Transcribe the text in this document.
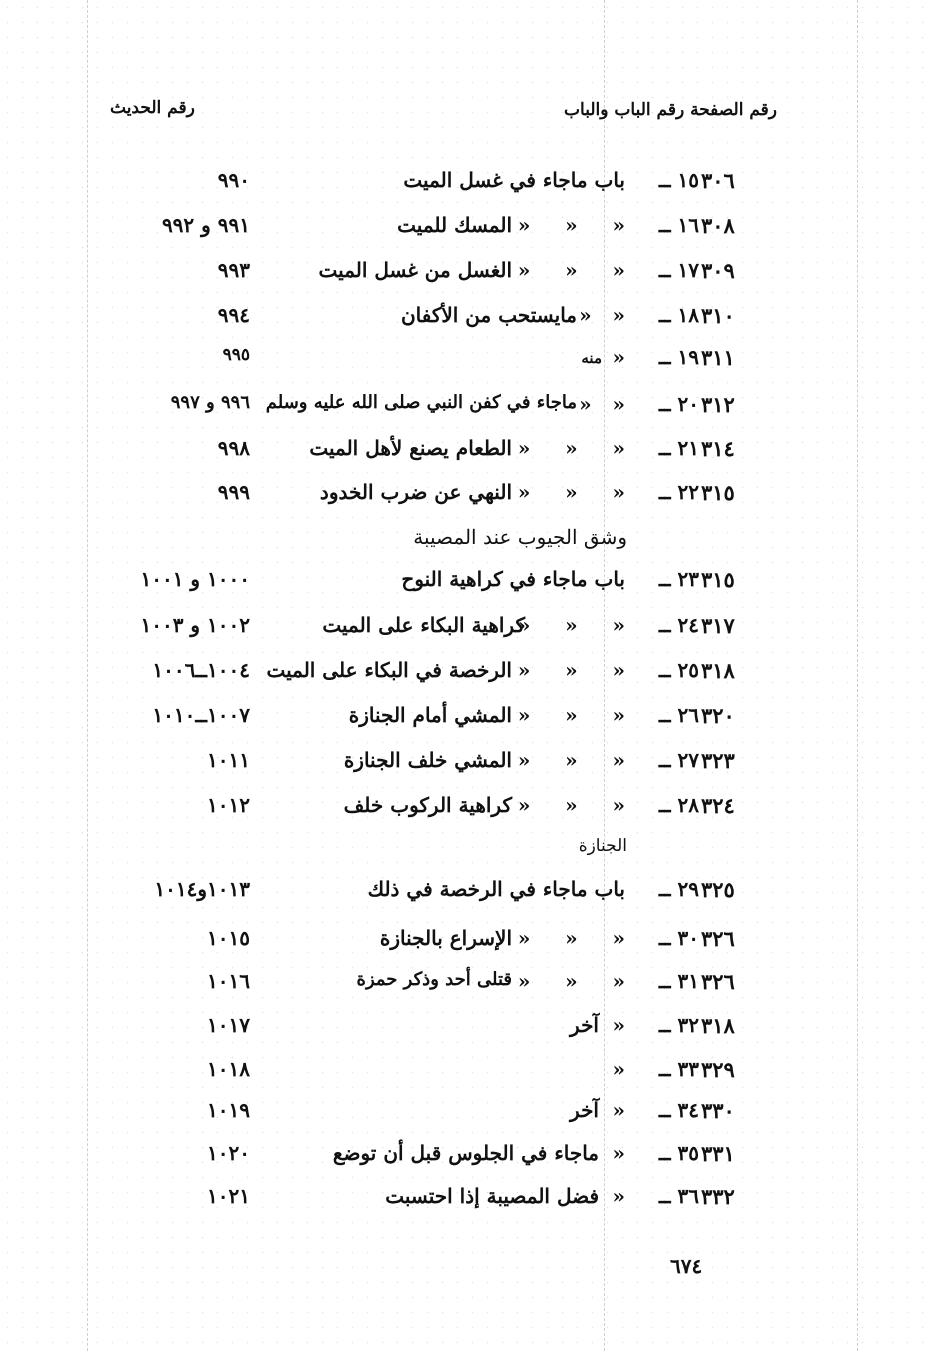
رقم الصفحة رقم الباب والباب
رقم الحديث
٣٠٦
١٥ ــ
باب ماجاء في غسل الميت
٩٩٠
٣٠٨
١٦ ــ
«     «     «
المسك للميت
٩٩١ و ٩٩٢
٣٠٩
١٧ ــ
«     «     «
الغسل من غسل الميت
٩٩٣
٣١٠
١٨ ــ
«   «
مايستحب من الأكفان
٩٩٤
٣١١
١٩ ــ
«
منه
٩٩٥
٣١٢
٢٠ ــ
«   «
ماجاء في كفن النبي صلى الله عليه وسلم
٩٩٦ و ٩٩٧
٣١٤
٢١ ــ
«     «     «
الطعام يصنع لأهل الميت
٩٩٨
٣١٥
٢٢ ــ
«     «     «
النهي عن ضرب الخدود
٩٩٩
وشق الجيوب عند المصيبة
٣١٥
٢٣ ــ
باب ماجاء في كراهية النوح
١٠٠٠ و ١٠٠١
٣١٧
٢٤ ــ
«     «     «
كراهية البكاء على الميت
١٠٠٢ و ١٠٠٣
٣١٨
٢٥ ــ
«     «     «
الرخصة في البكاء على الميت
١٠٠٤ــ١٠٠٦
٣٢٠
٢٦ ــ
«     «     «
المشي أمام الجنازة
١٠٠٧ــ١٠١٠
٣٢٣
٢٧ ــ
«     «     «
المشي خلف الجنازة
١٠١١
٣٢٤
٢٨ ــ
«     «     «
كراهية الركوب خلف
١٠١٢
الجنازة
٣٢٥
٢٩ ــ
باب ماجاء في الرخصة في ذلك
١٠١٣و١٠١٤
٣٢٦
٣٠ ــ
«     «     «
الإسراع بالجنازة
١٠١٥
٣٢٦
٣١ ــ
«     «     «
قتلى أحد وذكر حمزة
١٠١٦
٣١٨
٣٢ ــ
«
آخر
١٠١٧
٣٢٩
٣٣ ــ
«
١٠١٨
٣٣٠
٣٤ ــ
«
آخر
١٠١٩
٣٣١
٣٥ ــ
«
ماجاء في الجلوس قبل أن توضع
١٠٢٠
٣٣٢
٣٦ ــ
«
فضل المصيبة إذا احتسبت
١٠٢١
٦٧٤
